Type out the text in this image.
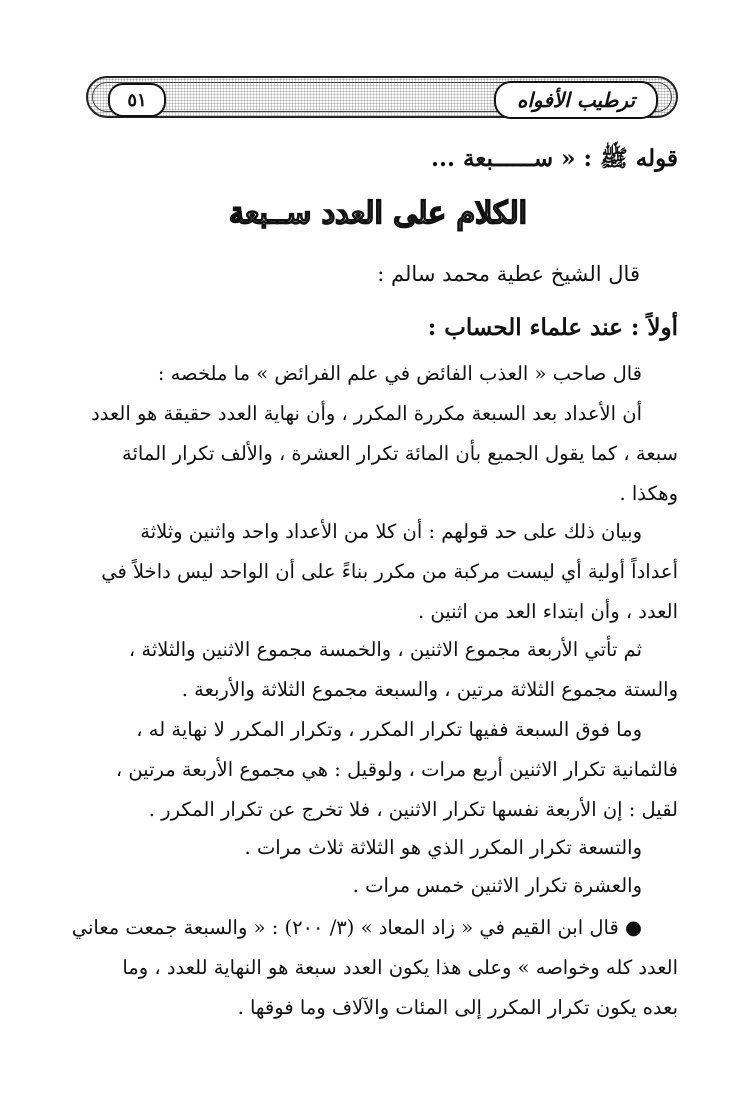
٥١	ترطيب الأفواه
قوله ﷺ : « ســــــبعة ...
الكلام على العدد ســبعة
قال الشيخ عطية محمد سالم :
أولاً : عند علماء الحساب :
قال صاحب « العذب الفائض في علم الفرائض » ما ملخصه :
أن الأعداد بعد السبعة مكررة المكرر ، وأن نهاية العدد حقيقة هو العدد
سبعة ، كما يقول الجميع بأن المائة تكرار العشرة ، والألف تكرار المائة
وهكذا .
وبيان ذلك على حد قولهم : أن كلا من الأعداد واحد واثنين وثلاثة
أعداداً أولية أي ليست مركبة من مكرر بناءً على أن الواحد ليس داخلاً في
العدد ، وأن ابتداء العد من اثنين .
ثم تأتي الأربعة مجموع الاثنين ، والخمسة مجموع الاثنين والثلاثة ،
والستة مجموع الثلاثة مرتين ، والسبعة مجموع الثلاثة والأربعة .
وما فوق السبعة ففيها تكرار المكرر ، وتكرار المكرر لا نهاية له ،
فالثمانية تكرار الاثنين أربع مرات ، ولوقيل : هي مجموع الأربعة مرتين ،
لقيل : إن الأربعة نفسها تكرار الاثنين ، فلا تخرج عن تكرار المكرر .
والتسعة تكرار المكرر الذي هو الثلاثة ثلاث مرات .
والعشرة تكرار الاثنين خمس مرات .
● قال ابن القيم في « زاد المعاد » (٣/ ٢٠٠) : « والسبعة جمعت معاني
العدد كله وخواصه » وعلى هذا يكون العدد سبعة هو النهاية للعدد ، وما
بعده يكون تكرار المكرر إلى المئات والآلاف وما فوقها .
